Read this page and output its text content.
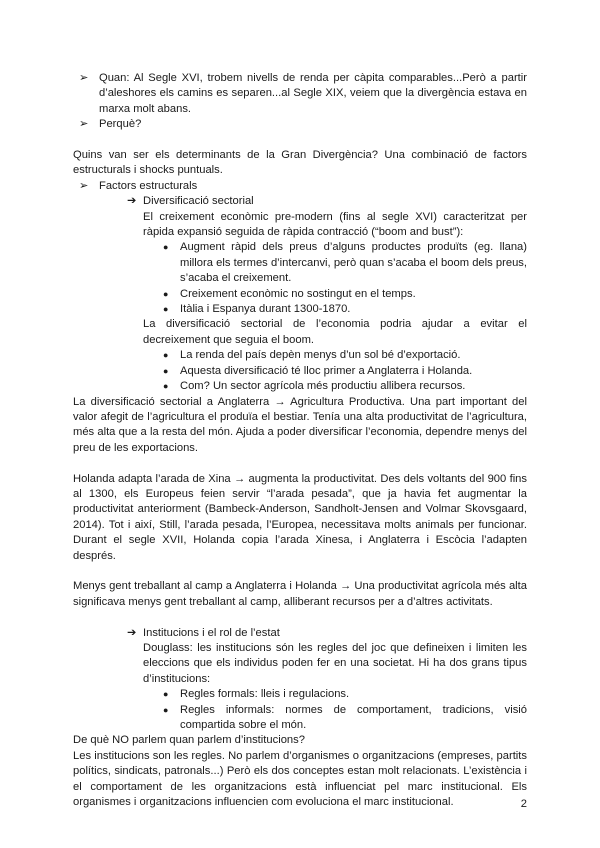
➢ Quan: Al Segle XVI, trobem nivells de renda per càpita comparables...Però a partir d’aleshores els camins es separen...al Segle XIX, veiem que la divergència estava en marxa molt abans.
➢ Perquè?

Quins van ser els determinants de la Gran Divergència? Una combinació de factors estructurals i shocks puntuals.

➢ Factors estructurals
➔ Diversificació sectorial

El creixement econòmic pre-modern (fins al segle XVI) caracteritzat per ràpida expansió seguida de ràpida contracció (“boom and bust”):

●	Augment ràpid dels preus d’alguns productes produïts (eg. llana) millora els termes d’intercanvi, però quan s’acaba el boom dels preus, s’acaba el creixement.
●	Creixement econòmic no sostingut en el temps.
●	Itàlia i Espanya durant 1300-1870.

La diversificació sectorial de l’economia podria ajudar a evitar el decreixement que seguia el boom.

●	La renda del país depèn menys d’un sol bé d’exportació.
●	Aquesta diversificació té lloc primer a Anglaterra i Holanda.
●	Com? Un sector agrícola més productiu allibera recursos.

La diversificació sectorial a Anglaterra → Agricultura Productiva. Una part important del valor afegit de l’agricultura el produïa el bestiar. Tenía una alta productivitat de l’agricultura, més alta que a la resta del món. Ajuda a poder diversificar l’economia, dependre menys del preu de les exportacions.

Holanda adapta l’arada de Xina → augmenta la productivitat. Des dels voltants del 900 fins al 1300, els Europeus feien servir “l’arada pesada”, que ja havia fet augmentar la productivitat anteriorment (Bambeck-Anderson, Sandholt-Jensen and Volmar Skovsgaard, 2014). Tot i així, Still, l’arada pesada, l’Europea, necessitava molts animals per funcionar. Durant el segle XVII, Holanda copia l’arada Xinesa, i Anglaterra i Escòcia l’adapten després.

Menys gent treballant al camp a Anglaterra i Holanda → Una productivitat agrícola més alta significava menys gent treballant al camp, alliberant recursos per a d’altres activitats.

➔ Institucions i el rol de l’estat

Douglass: les institucions són les regles del joc que defineixen i limiten les eleccions que els individus poden fer en una societat. Hi ha dos grans tipus d’institucions:

●	Regles formals: lleis i regulacions.
●	Regles informals: normes de comportament, tradicions, visió compartida sobre el món.

De què NO parlem quan parlem d’institucions?

Les institucions son les regles. No parlem d’organismes o organitzacions (empreses, partits polítics, sindicats, patronals...) Però els dos conceptes estan molt relacionats. L’existència i el comportament de les organitzacions està influenciat pel marc institucional. Els organismes i organitzacions influencien com evoluciona el marc institucional.	2
